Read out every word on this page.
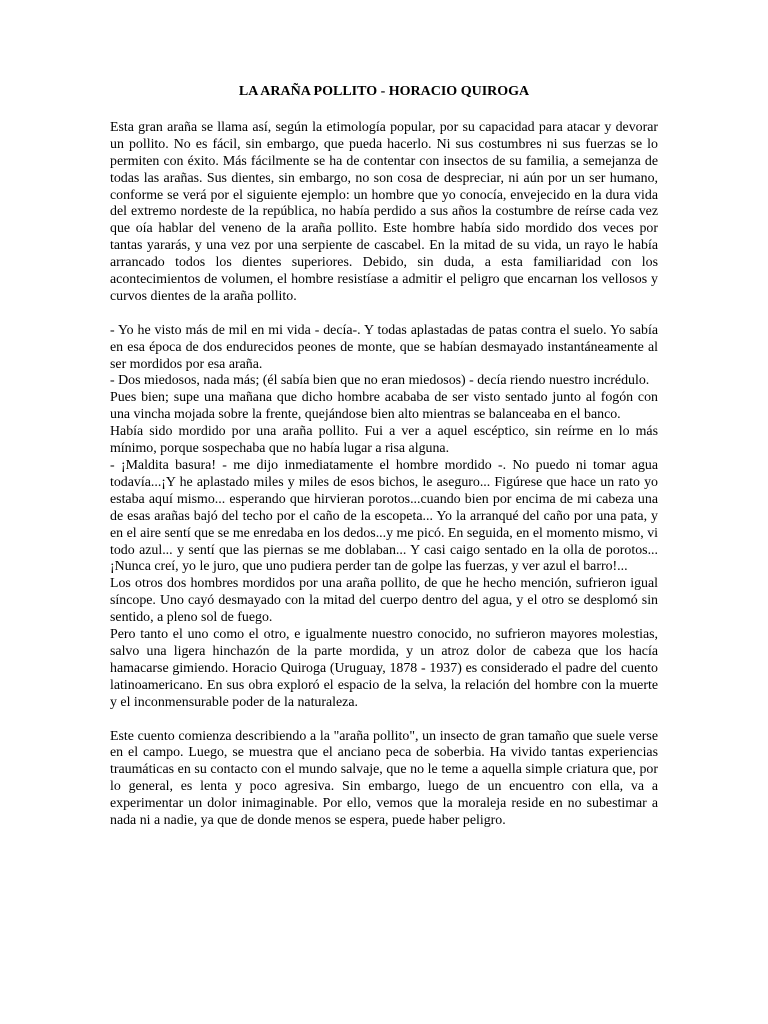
LA ARAÑA POLLITO - HORACIO QUIROGA

Esta gran araña se llama así, según la etimología popular, por su capacidad para atacar y devorar un pollito. No es fácil, sin embargo, que pueda hacerlo. Ni sus costumbres ni sus fuerzas se lo permiten con éxito. Más fácilmente se ha de contentar con insectos de su familia, a semejanza de todas las arañas. Sus dientes, sin embargo, no son cosa de despreciar, ni aún por un ser humano, conforme se verá por el siguiente ejemplo: un hombre que yo conocía, envejecido en la dura vida del extremo nordeste de la república, no había perdido a sus años la costumbre de reírse cada vez que oía hablar del veneno de la araña pollito. Este hombre había sido mordido dos veces por tantas yararás, y una vez por una serpiente de cascabel. En la mitad de su vida, un rayo le había arrancado todos los dientes superiores. Debido, sin duda, a esta familiaridad con los acontecimientos de volumen, el hombre resistíase a admitir el peligro que encarnan los vellosos y curvos dientes de la araña pollito.

- Yo he visto más de mil en mi vida - decía-. Y todas aplastadas de patas contra el suelo. Yo sabía en esa época de dos endurecidos peones de monte, que se habían desmayado instantáneamente al ser mordidos por esa araña.

- Dos miedosos, nada más; (él sabía bien que no eran miedosos) - decía riendo nuestro incrédulo.

Pues bien; supe una mañana que dicho hombre acababa de ser visto sentado junto al fogón con una vincha mojada sobre la frente, quejándose bien alto mientras se balanceaba en el banco.

Había sido mordido por una araña pollito. Fui a ver a aquel escéptico, sin reírme en lo más mínimo, porque sospechaba que no había lugar a risa alguna.

- ¡Maldita basura! - me dijo inmediatamente el hombre mordido -. No puedo ni tomar agua todavía...¡Y he aplastado miles y miles de esos bichos, le aseguro... Figúrese que hace un rato yo estaba aquí mismo... esperando que hirvieran porotos...cuando bien por encima de mi cabeza una de esas arañas bajó del techo por el caño de la escopeta... Yo la arranqué del caño por una pata, y en el aire sentí que se me enredaba en los dedos...y me picó. En seguida, en el momento mismo, vi todo azul... y sentí que las piernas se me doblaban... Y casi caigo sentado en la olla de porotos... ¡Nunca creí, yo le juro, que uno pudiera perder tan de golpe las fuerzas, y ver azul el barro!...

Los otros dos hombres mordidos por una araña pollito, de que he hecho mención, sufrieron igual síncope. Uno cayó desmayado con la mitad del cuerpo dentro del agua, y el otro se desplomó sin sentido, a pleno sol de fuego.

Pero tanto el uno como el otro, e igualmente nuestro conocido, no sufrieron mayores molestias, salvo una ligera hinchazón de la parte mordida, y un atroz dolor de cabeza que los hacía hamacarse gimiendo. Horacio Quiroga (Uruguay, 1878 - 1937) es considerado el padre del cuento latinoamericano. En sus obra exploró el espacio de la selva, la relación del hombre con la muerte y el inconmensurable poder de la naturaleza.

Este cuento comienza describiendo a la "araña pollito", un insecto de gran tamaño que suele verse en el campo. Luego, se muestra que el anciano peca de soberbia. Ha vivido tantas experiencias traumáticas en su contacto con el mundo salvaje, que no le teme a aquella simple criatura que, por lo general, es lenta y poco agresiva. Sin embargo, luego de un encuentro con ella, va a experimentar un dolor inimaginable. Por ello, vemos que la moraleja reside en no subestimar a nada ni a nadie, ya que de donde menos se espera, puede haber peligro.
